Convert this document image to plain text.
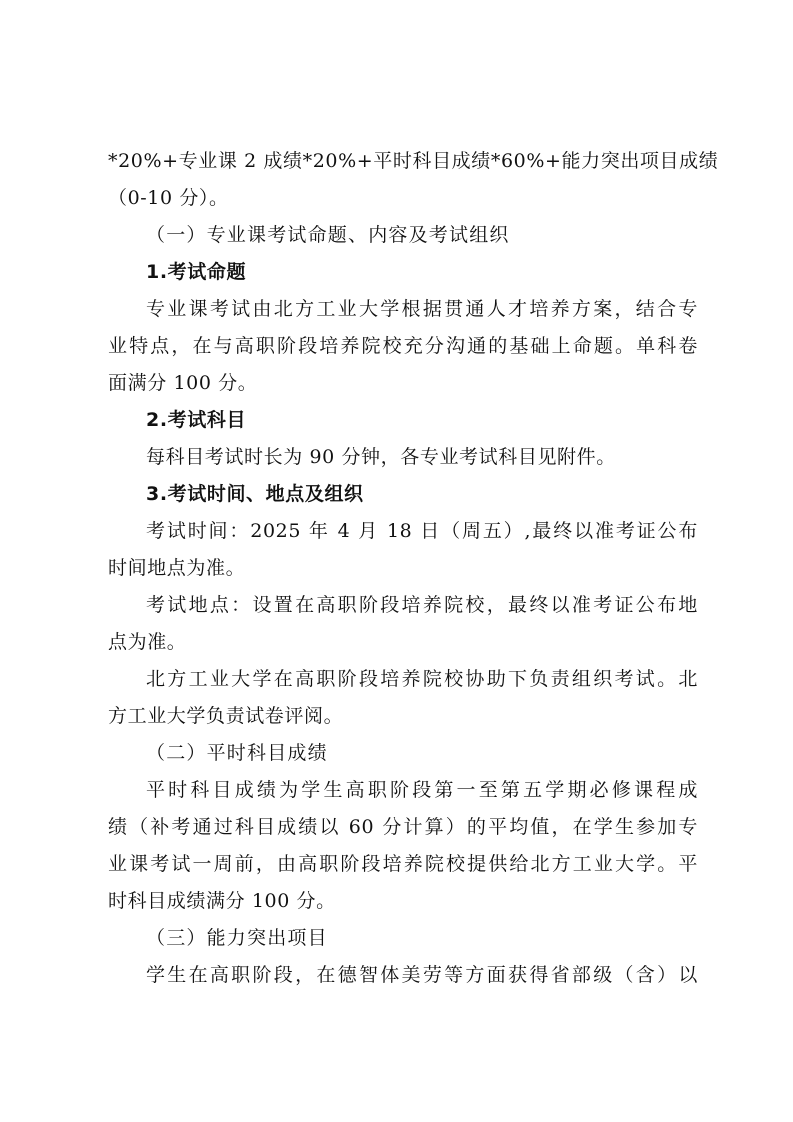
*20%+专业课 2 成绩*20%+平时科目成绩*60%+能力突出项目成绩
（0-10 分）。
（一）专业课考试命题、内容及考试组织
1.考试命题
专业课考试由北方工业大学根据贯通人才培养方案，结合专
业特点，在与高职阶段培养院校充分沟通的基础上命题。单科卷
面满分 100 分。
2.考试科目
每科目考试时长为 90 分钟，各专业考试科目见附件。
3.考试时间、地点及组织
考试时间：2025 年 4 月 18 日（周五）,最终以准考证公布
时间地点为准。
考试地点：设置在高职阶段培养院校，最终以准考证公布地
点为准。
北方工业大学在高职阶段培养院校协助下负责组织考试。北
方工业大学负责试卷评阅。
（二）平时科目成绩
平时科目成绩为学生高职阶段第一至第五学期必修课程成
绩（补考通过科目成绩以 60 分计算）的平均值，在学生参加专
业课考试一周前，由高职阶段培养院校提供给北方工业大学。平
时科目成绩满分 100 分。
（三）能力突出项目
学生在高职阶段，在德智体美劳等方面获得省部级（含）以
